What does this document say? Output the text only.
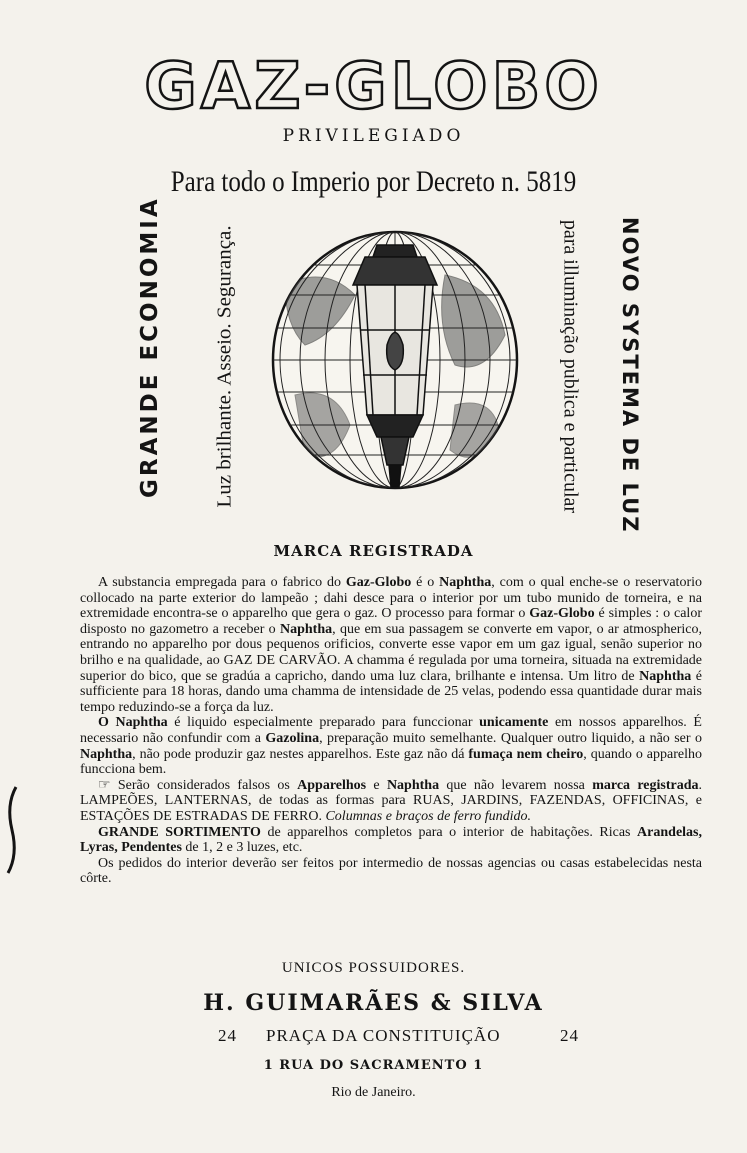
GAZ-GLOBO
PRIVILEGIADO
Para todo o Imperio por Decreto n. 5819
GRANDE ECONOMIA	Luz brilhante. Asseio. Segurança.	para illuminação publica e particular NOVO SYSTEMA DE LUZ
MARCA REGISTRADA

A substancia empregada para o fabrico do Gaz-Globo é o Naphtha, com o qual enche-se o reservatorio collocado na parte exterior do lampeão ; dahi desce para o interior por um tubo munido de torneira, e na extremidade encontra-se o apparelho que gera o gaz. O processo para formar o Gaz-Globo é simples : o calor disposto no gazometro a receber o Naphtha, que em sua passagem se converte em vapor, o ar atmospherico, entrando no apparelho por dous pequenos orificios, converte esse vapor em um gaz igual, senão superior no brilho e na qualidade, ao GAZ DE CARVÃO. A chamma é regulada por uma torneira, situada na extremidade superior do bico, que se gradúa a capricho, dando uma luz clara, brilhante e intensa. Um litro de Naphtha é sufficiente para 18 horas, dando uma chamma de intensidade de 25 velas, podendo essa quantidade durar mais tempo reduzindo-se a força da luz.

O Naphtha é liquido especialmente preparado para funccionar unicamente em nossos apparelhos. É necessario não confundir com a Gazolina, preparação muito semelhante. Qualquer outro liquido, a não ser o Naphtha, não pode produzir gaz nestes apparelhos. Este gaz não dá fumaça nem cheiro, quando o apparelho funcciona bem.

☞ Serão considerados falsos os Apparelhos e Naphtha que não levarem nossa marca registrada. LAMPEÕES, LANTERNAS, de todas as formas para RUAS, JARDINS, FAZENDAS, OFFICINAS, e ESTAÇÕES DE ESTRADAS DE FERRO. Columnas e braços de ferro fundido.

GRANDE SORTIMENTO de apparelhos completos para o interior de habitações. Ricas Arandelas, Lyras, Pendentes de 1, 2 e 3 luzes, etc.

Os pedidos do interior deverão ser feitos por intermedio de nossas agencias ou casas estabelecidas nesta côrte.

UNICOS POSSUIDORES.
H. GUIMARÃES & SILVA
24 PRAÇA DA CONSTITUIÇÃO	24
1 RUA DO SACRAMENTO 1
Rio de Janeiro.
